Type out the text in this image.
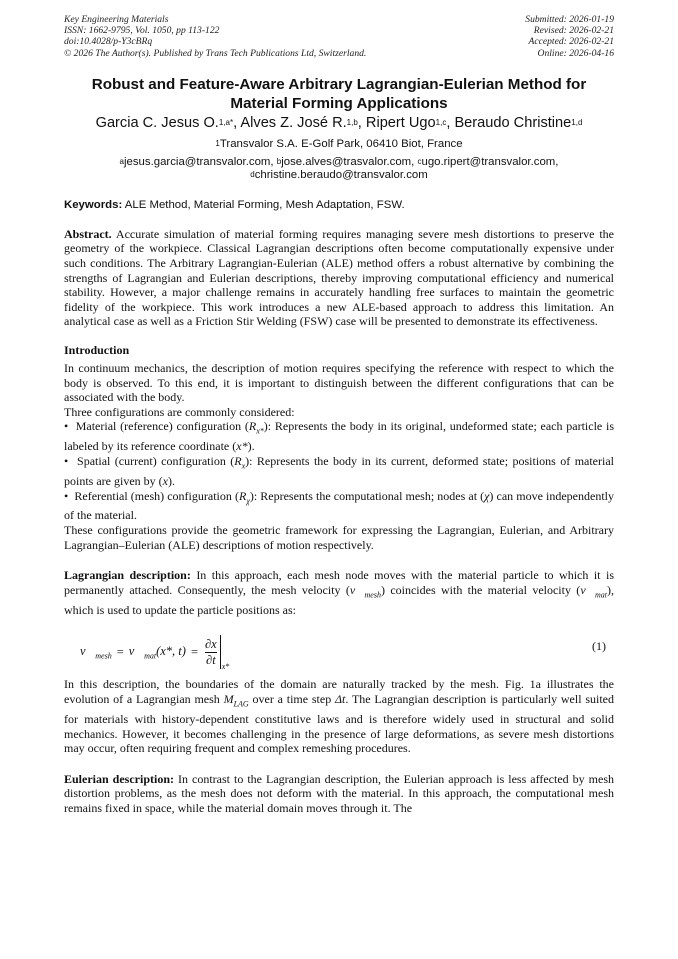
Key Engineering Materials
ISSN: 1662-9795, Vol. 1050, pp 113-122
doi:10.4028/p-Y3cBRq
© 2026 The Author(s). Published by Trans Tech Publications Ltd, Switzerland.
Submitted: 2026-01-19
Revised: 2026-02-21
Accepted: 2026-02-21
Online: 2026-04-16
Robust and Feature-Aware Arbitrary Lagrangian-Eulerian Method for Material Forming Applications
Garcia C. Jesus O.$^{1,a*}$, Alves Z. José R.$^{1,b}$, Ripert Ugo$^{1,c}$, Beraudo Christine$^{1,d}$
$^1$Transvalor S.A. E-Golf Park, 06410 Biot, France
$^a$jesus.garcia@transvalor.com, $^b$jose.alves@trasvalor.com, $^c$ugo.ripert@transvalor.com,
$^d$christine.beraudo@transvalor.com
Keywords: ALE Method, Material Forming, Mesh Adaptation, FSW.

Abstract. Accurate simulation of material forming requires managing severe mesh distortions to preserve the geometry of the workpiece. Classical Lagrangian descriptions often become computationally expensive under such conditions. The Arbitrary Lagrangian-Eulerian (ALE) method offers a robust alternative by combining the strengths of Lagrangian and Eulerian descriptions, thereby improving computational efficiency and numerical stability. However, a major challenge remains in accurately handling free surfaces to maintain the geometric fidelity of the workpiece. This work introduces a new ALE-based approach to address this limitation. An analytical case as well as a Friction Stir Welding (FSW) case will be presented to demonstrate its effectiveness.

Introduction

In continuum mechanics, the description of motion requires specifying the reference with respect to which the body is observed. To this end, it is important to distinguish between the different configurations that can be associated with the body.

Three configurations are commonly considered:

•  Material (reference) configuration $(R_{x*})$: Represents the body in its original, undeformed state; each particle is labeled by its reference coordinate (x*).

•  Spatial (current) configuration $(R_x)$: Represents the body in its current, deformed state; positions of material points are given by (x).

•  Referential (mesh) configuration $(R_\chi)$: Represents the computational mesh; nodes at (χ) can move independently of the material.

These configurations provide the geometric framework for expressing the Lagrangian, Eulerian, and Arbitrary Lagrangian–Eulerian (ALE) descriptions of motion respectively.

Lagrangian description: In this approach, each mesh node moves with the material particle to which it is permanently attached. Consequently, the mesh velocity $(v⃗_{mesh})$ coincides with the material velocity $(v⃗_{mat})$, which is used to update the particle positions as:

$v⃗_{mesh}$ = $v⃗_{mat}(x*$, $t) = \frac{\partial x}{\partial t} x*$
(1)

In this description, the boundaries of the domain are naturally tracked by the mesh. Fig. 1a illustrates the evolution of a Lagrangian mesh $M_{LAG}$ over a time step Δt. The Lagrangian description is particularly well suited for materials with history-dependent constitutive laws and is therefore widely used in structural and solid mechanics. However, it becomes challenging in the presence of large deformations, as severe mesh distortions may occur, often requiring frequent and complex remeshing procedures.

Eulerian description: In contrast to the Lagrangian description, the Eulerian approach is less affected by mesh distortion problems, as the mesh does not deform with the material. In this approach, the computational mesh remains fixed in space, while the material domain moves through it. The
